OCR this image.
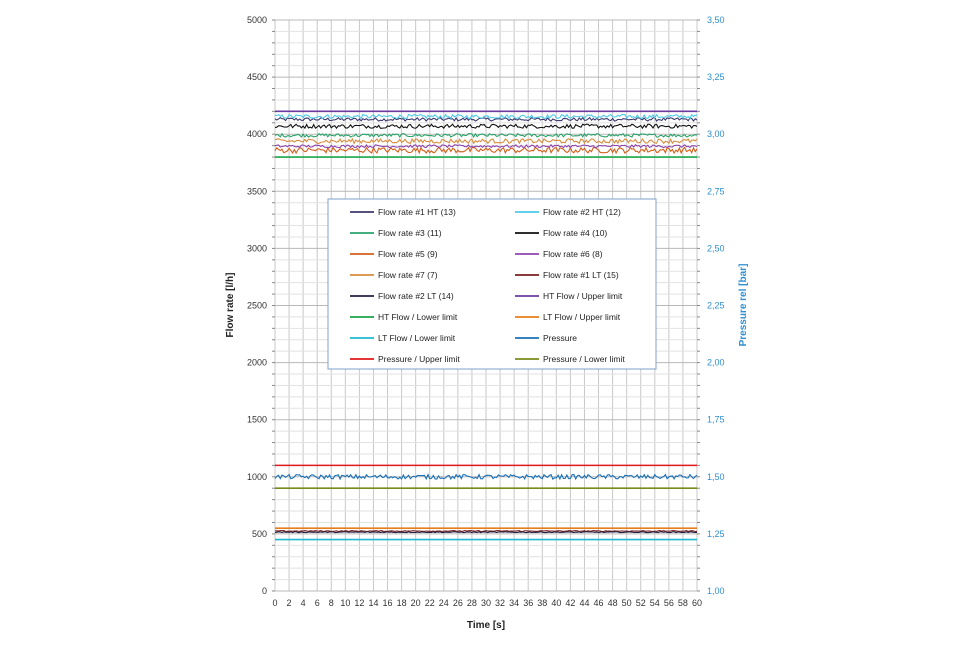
0
500
1000
1500
2000
2500
3000
3500
4000
4500
5000
1,00
1,25
1,50
1,75
2,00
2,25
2,50
2,75
3,00
3,25
3,50
0 2 4 6 8 10 12 14 16 18 20 22 24 26 28 30 32 34 36 38 40 42 44 46 48 50 52 54 56 58 60
Time [s]
Flow rate [l/h]	Pressure rel [bar]
Flow rate #1 HT (13)	Flow rate #2 HT (12)
Flow rate #3 (11)	Flow rate #4 (10)
Flow rate #5 (9)	Flow rate #6 (8)
Flow rate #7 (7)	Flow rate #1 LT (15)
Flow rate #2 LT (14)	HT Flow / Upper limit
HT Flow / Lower limit	LT Flow / Upper limit
LT Flow / Lower limit	Pressure
Pressure / Upper limit	Pressure / Lower limit
